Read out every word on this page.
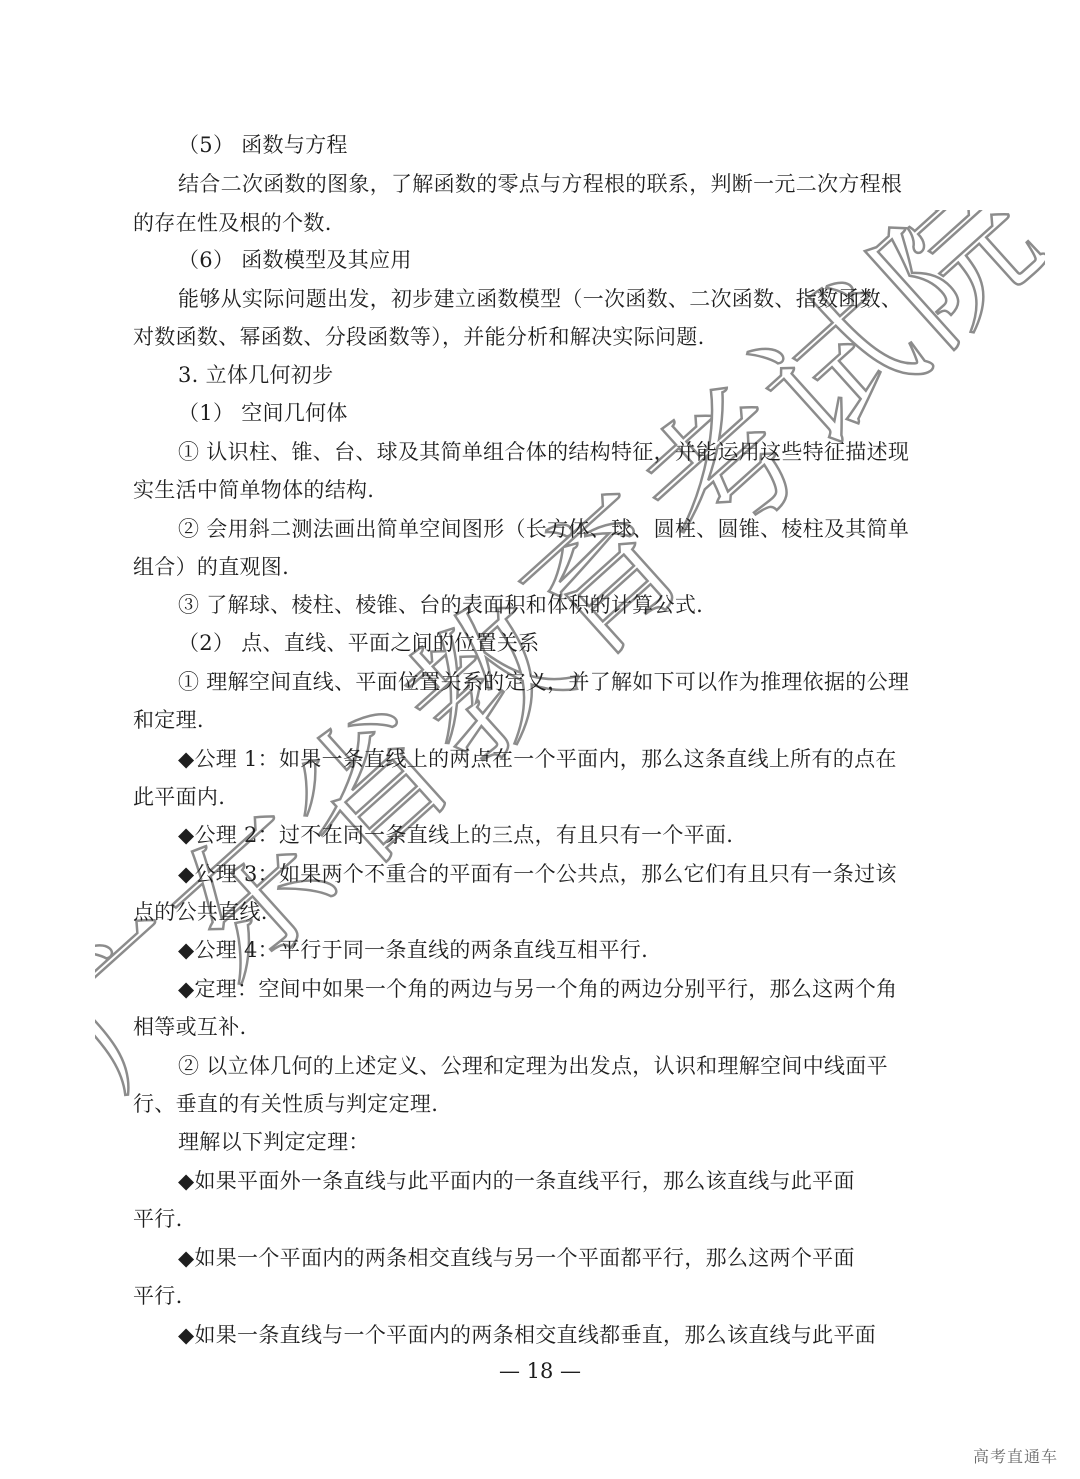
广东省教育考试院
（5） 函数与方程
结合二次函数的图象，了解函数的零点与方程根的联系，判断一元二次方程根
的存在性及根的个数.
（6） 函数模型及其应用
能够从实际问题出发，初步建立函数模型（一次函数、二次函数、指数函数、
对数函数、幂函数、分段函数等），并能分析和解决实际问题.
3. 立体几何初步
（1） 空间几何体
① 认识柱、锥、台、球及其简单组合体的结构特征，并能运用这些特征描述现
实生活中简单物体的结构.
② 会用斜二测法画出简单空间图形（长方体、球、圆柱、圆锥、棱柱及其简单
组合）的直观图.
③ 了解球、棱柱、棱锥、台的表面积和体积的计算公式.
（2） 点、直线、平面之间的位置关系
① 理解空间直线、平面位置关系的定义，并了解如下可以作为推理依据的公理
和定理.
◆公理 1：如果一条直线上的两点在一个平面内，那么这条直线上所有的点在
此平面内.
◆公理 2：过不在同一条直线上的三点，有且只有一个平面.
◆公理 3：如果两个不重合的平面有一个公共点，那么它们有且只有一条过该
点的公共直线.
◆公理 4：平行于同一条直线的两条直线互相平行.
◆定理：空间中如果一个角的两边与另一个角的两边分别平行，那么这两个角
相等或互补.
② 以立体几何的上述定义、公理和定理为出发点，认识和理解空间中线面平
行、垂直的有关性质与判定定理.
理解以下判定定理：
◆如果平面外一条直线与此平面内的一条直线平行，那么该直线与此平面
平行.
◆如果一个平面内的两条相交直线与另一个平面都平行，那么这两个平面
平行.
◆如果一条直线与一个平面内的两条相交直线都垂直，那么该直线与此平面
— 18 —
高考直通车
